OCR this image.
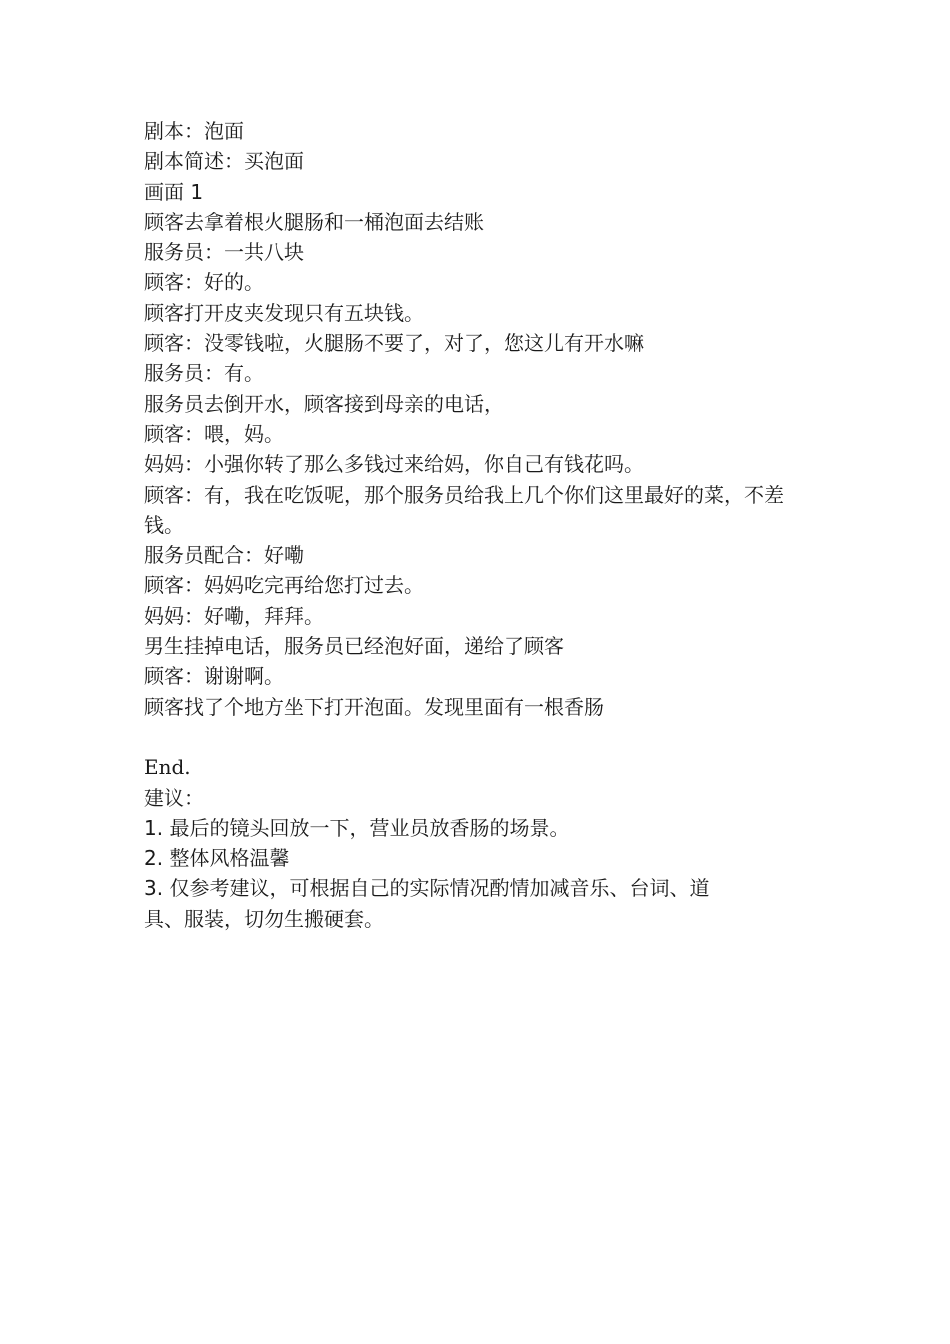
剧本：泡面

剧本简述：买泡面

画面 1

顾客去拿着根火腿肠和一桶泡面去结账

服务员：一共八块

顾客：好的。

顾客打开皮夹发现只有五块钱。

顾客：没零钱啦，火腿肠不要了，对了，您这儿有开水嘛

服务员：有。

服务员去倒开水，顾客接到母亲的电话，

顾客：喂，妈。

妈妈：小强你转了那么多钱过来给妈，你自己有钱花吗。

顾客：有，我在吃饭呢，那个服务员给我上几个你们这里最好的菜，不差钱。

服务员配合：好嘞

顾客：妈妈吃完再给您打过去。

妈妈：好嘞，拜拜。

男生挂掉电话，服务员已经泡好面，递给了顾客

顾客：谢谢啊。

顾客找了个地方坐下打开泡面。发现里面有一根香肠

End.

建议：

1. 最后的镜头回放一下，营业员放香肠的场景。

2. 整体风格温馨

3. 仅参考建议，可根据自己的实际情况酌情加减音乐、台词、道

具、服装，切勿生搬硬套。
